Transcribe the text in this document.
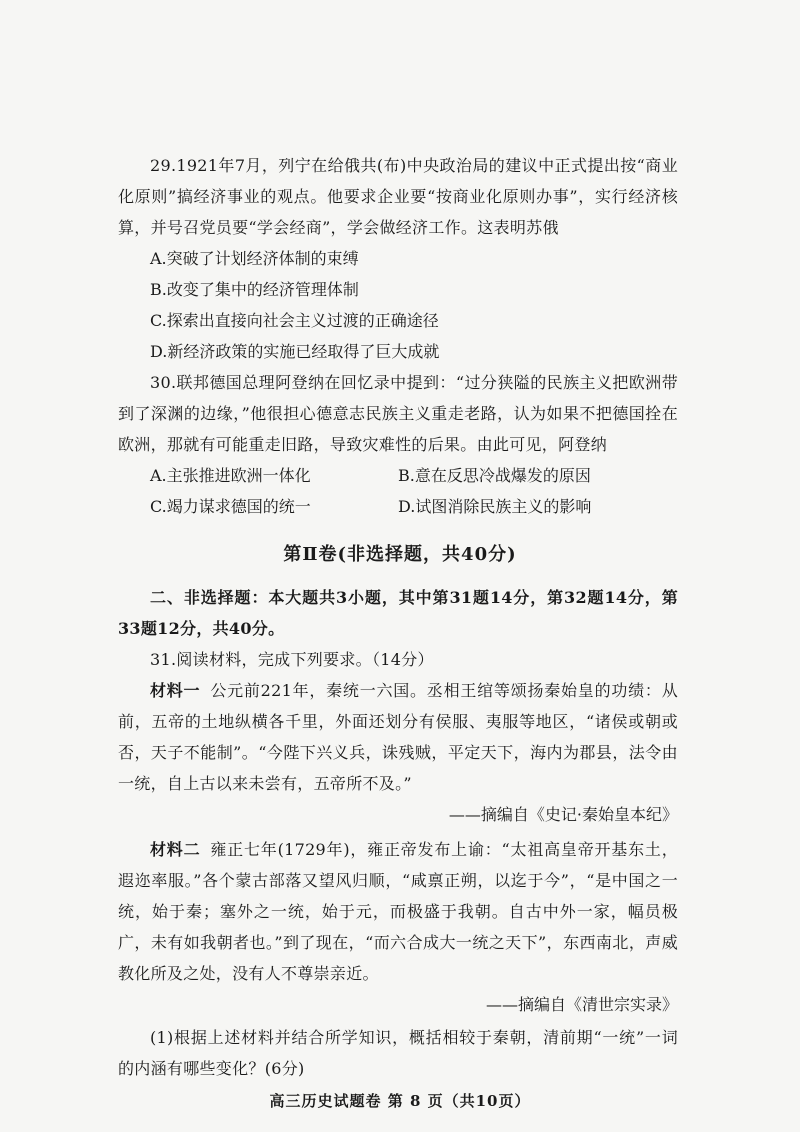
29.1921年7月，列宁在给俄共(布)中央政治局的建议中正式提出按“商业化原则”搞经济事业的观点。他要求企业要“按商业化原则办事”，实行经济核算，并号召党员要“学会经商”，学会做经济工作。这表明苏俄

A.突破了计划经济体制的束缚

B.改变了集中的经济管理体制

C.探索出直接向社会主义过渡的正确途径

D.新经济政策的实施已经取得了巨大成就

30.联邦德国总理阿登纳在回忆录中提到：“过分狭隘的民族主义把欧洲带到了深渊的边缘，”他很担心德意志民族主义重走老路，认为如果不把德国拴在欧洲，那就有可能重走旧路，导致灾难性的后果。由此可见，阿登纳

A.主张推进欧洲一体化	B.意在反思冷战爆发的原因

C.竭力谋求德国的统一	D.试图消除民族主义的影响

第Ⅱ卷(非选择题，共40分)

二、非选择题：本大题共3小题，其中第31题14分，第32题14分，第33题12分，共40分。

31.阅读材料，完成下列要求。（14分）

材料一 公元前221年，秦统一六国。丞相王绾等颂扬秦始皇的功绩：从前，五帝的土地纵横各千里，外面还划分有侯服、夷服等地区，“诸侯或朝或否，天子不能制”。“今陛下兴义兵，诛残贼，平定天下，海内为郡县，法令由一统，自上古以来未尝有，五帝所不及。”

——摘编自《史记·秦始皇本纪》

材料二 雍正七年(1729年)，雍正帝发布上谕：“太祖高皇帝开基东土，遐迩率服。”各个蒙古部落又望风归顺，“咸禀正朔，以迄于今”，“是中国之一统，始于秦；塞外之一统，始于元，而极盛于我朝。自古中外一家，幅员极广，未有如我朝者也。”到了现在，“而六合成大一统之天下”，东西南北，声威教化所及之处，没有人不尊崇亲近。

——摘编自《清世宗实录》

(1)根据上述材料并结合所学知识，概括相较于秦朝，清前期“一统”一词的内涵有哪些变化？(6分)

高三历史试题卷 第 8 页（共10页）
